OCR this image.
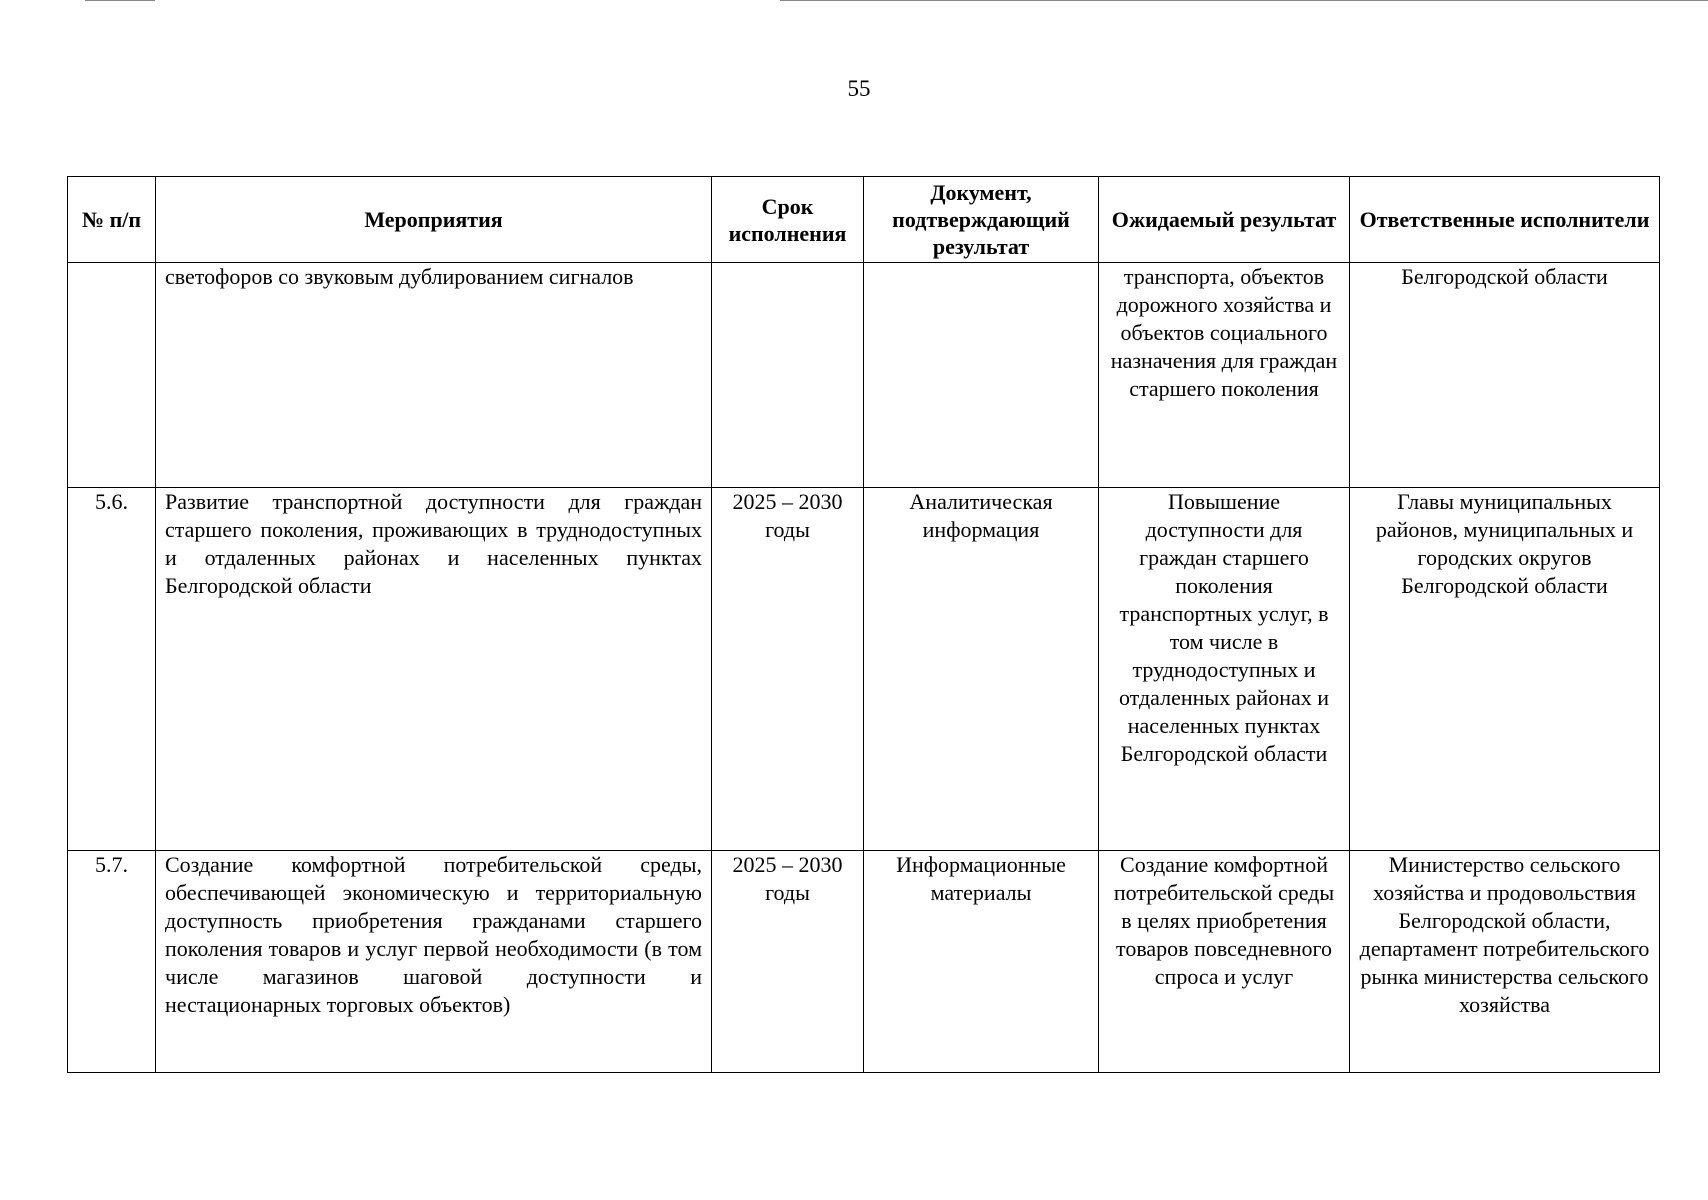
55
№ п/п	Мероприятия	Срок исполнения	Документ, подтверждающий результат	Ожидаемый результат	Ответственные исполнители
	светофоров со звуковым дублированием сигналов			транспорта, объектов дорожного хозяйства и объектов социального назначения для граждан старшего поколения	Белгородской области
5.6.	Развитие транспортной доступности для граждан старшего поколения, проживающих в труднодоступных и отдаленных районах и населенных пунктах Белгородской области	2025 – 2030 годы	Аналитическая информация	Повышение доступности для граждан старшего поколения транспортных услуг, в том числе в труднодоступных и отдаленных районах и населенных пунктах Белгородской области	Главы муниципальных районов, муниципальных и городских округов Белгородской области
5.7.	Создание комфортной потребительской среды, обеспечивающей экономическую и территориальную доступность приобретения гражданами старшего поколения товаров и услуг первой необходимости (в том числе магазинов шаговой доступности и нестационарных торговых объектов)	2025 – 2030 годы	Информационные материалы	Создание комфортной потребительской среды в целях приобретения товаров повседневного спроса и услуг	Министерство сельского хозяйства и продовольствия Белгородской области, департамент потребительского рынка министерства сельского хозяйства
